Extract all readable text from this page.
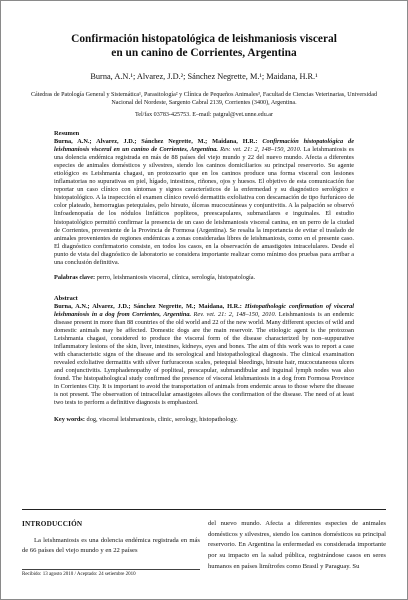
Confirmación histopatológica de leishmaniosis visceral
en un canino de Corrientes, Argentina
Burna, A.N.¹; Alvarez, J.D.²; Sánchez Negrette, M.¹; Maidana, H.R.¹
Cátedras de Patología General y Sistemática¹, Parasitología² y Clínica de Pequeños Animales³, Facultad de Ciencias Veterinarias, Universidad Nacional del Nordeste, Sargento Cabral 2139, Corrientes (3400), Argentina.
Tel/fax 03783-425753. E–mail: patgral@vet.unne.edu.ar
Resumen

Burna, A.N.; Alvarez, J.D.; Sánchez Negrette, M.; Maidana, H.R.: Confirmación histopatológica de leishmaniosis visceral en un canino de Corrientes, Argentina. Rev. vet. 21: 2, 148–150, 2010. La leishmaniosis es una dolencia endémica registrada en más de 88 países del viejo mundo y 22 del nuevo mundo. Afecta a diferentes especies de animales domésticos y silvestres, siendo los caninos domiciliarios su principal reservorio. Su agente etiológico es Leishmania chagasi, un protozoario que en los caninos produce una forma visceral con lesiones inflamatorias no supurativas en piel, hígado, intestinos, riñones, ojos y huesos. El objetivo de esta comunicación fue reportar un caso clínico con síntomas y signos característicos de la enfermedad y su diagnóstico serológico e histopatológico. A la inspección el examen clínico reveló dermatitis exfoliativa con descamación de tipo furfuráceo de color plateado, hemorragias petequiales, pelo hirsuto, úlceras mucocutáneas y conjuntivitis. A la palpación se observó linfoadenopatía de los nódulos linfáticos poplíteos, preescapulares, submaxilares e inguinales. El estudio histopatológico permitió confirmar la presencia de un caso de leishmaniosis visceral canina, en un perro de la ciudad de Corrientes, proveniente de la Provincia de Formosa (Argentina). Se resalta la importancia de evitar el traslado de animales provenientes de regiones endémicas a zonas consideradas libres de leishmaniosis, como en el presente caso. El diagnóstico confirmatorio consiste, en todos los casos, en la observación de amastigotes intracelulares. Desde el punto de vista del diagnóstico de laboratorio se considera importante realizar como mínimo dos pruebas para arribar a una conclusión definitiva.

Palabras clave: perro, leishmaniosis visceral, clínica, serología, histopatología.
Abstract

Burna, A.N.; Alvarez, J.D.; Sánchez Negrette, M.; Maidana, H.R.: Histopathologic confirmation of visceral leishmaniosis in a dog from Corrientes, Argentina. Rev. vet. 21: 2, 148–150, 2010. Leishmaniosis is an endemic disease present in more than 88 countries of the old world and 22 of the new world. Many different species of wild and domestic animals may be affected. Domestic dogs are the main reservoir. The etiologic agent is the protozoan Leishmania chagasi, considered to produce the visceral form of the disease characterized by non–suppurative inflammatory lesions of the skin, liver, intestines, kidneys, eyes and bones. The aim of this work was to report a case with characteristic signs of the disease and its serological and histopathological diagnosis. The clinical examination revealed exfoliative dermatitis with silver furfuraceous scales, petequial bleedings, hirsute hair, mucocutaneous ulcers and conjunctivitis. Lymphadenopathy of popliteal, prescapular, submandibular and inguinal lymph nodes was also found. The histopathological study confirmed the presence of visceral leishmaniosis in a dog from Formosa Province in Corrientes City. It is important to avoid the transportation of animals from endemic areas to those where the disease is not present. The observation of intracellular amastigotes allows the confirmation of the disease. The need of at least two tests to perform a definitive diagnosis is emphasized.

Key words: dog, visceral leishmaniosis, clinic, serology, histopathology.
INTRODUCCIÓN
La leishmaniosis es una dolencia endémica registrada en más de 66 países del viejo mundo y en 22 países
del nuevo mundo. Afecta a diferentes especies de animales domésticos y silvestres, siendo los caninos domésticos su principal reservorio. En Argentina la enfermedad es considerada importante por su impacto en la salud pública, registrándose casos en seres humanos en países limítrofes como Brasil y Paraguay. Su
Recibido: 13 agosto 2010 / Aceptado: 24 setiembre 2010
